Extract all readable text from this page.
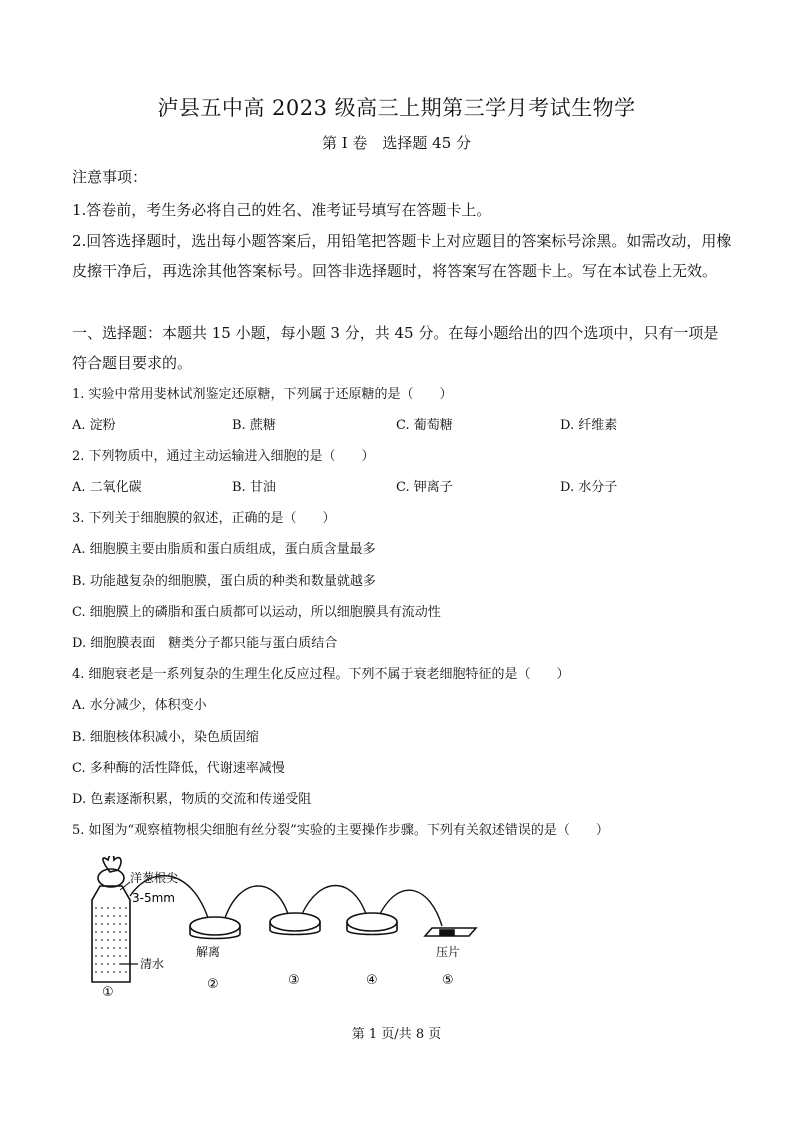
泸县五中高 2023 级高三上期第三学月考试生物学
第 I 卷　选择题 45 分
注意事项：
1.答卷前，考生务必将自己的姓名、准考证号填写在答题卡上。
2.回答选择题时，选出每小题答案后，用铅笔把答题卡上对应题目的答案标号涂黑。如需改动，用橡皮擦干净后，再选涂其他答案标号。回答非选择题时，将答案写在答题卡上。写在本试卷上无效。
一、选择题：本题共 15 小题，每小题 3 分，共 45 分。在每小题给出的四个选项中，只有一项是符合题目要求的。
1. 实验中常用斐林试剂鉴定还原糖，下列属于还原糖的是（　　）
A. 淀粉	B. 蔗糖	C. 葡萄糖	D. 纤维素
2. 下列物质中，通过主动运输进入细胞的是（　　）
A. 二氧化碳	B. 甘油	C. 钾离子	D. 水分子
3. 下列关于细胞膜的叙述，正确的是（　　）
A. 细胞膜主要由脂质和蛋白质组成，蛋白质含量最多
B. 功能越复杂的细胞膜，蛋白质的种类和数量就越多
C. 细胞膜上的磷脂和蛋白质都可以运动，所以细胞膜具有流动性
D. 细胞膜表面　糖类分子都只能与蛋白质结合
4. 细胞衰老是一系列复杂的生理生化反应过程。下列不属于衰老细胞特征的是（　　）
A. 水分减少，体积变小
B. 细胞核体积减小，染色质固缩
C. 多种酶的活性降低，代谢速率减慢
D. 色素逐渐积累，物质的交流和传递受阻
5. 如图为“观察植物根尖细胞有丝分裂”实验的主要操作步骤。下列有关叙述错误的是（　　）
洋葱根尖
3-5mm
清水
解离	压片
①
②	③	④	⑤
第 1 页/共 8 页
